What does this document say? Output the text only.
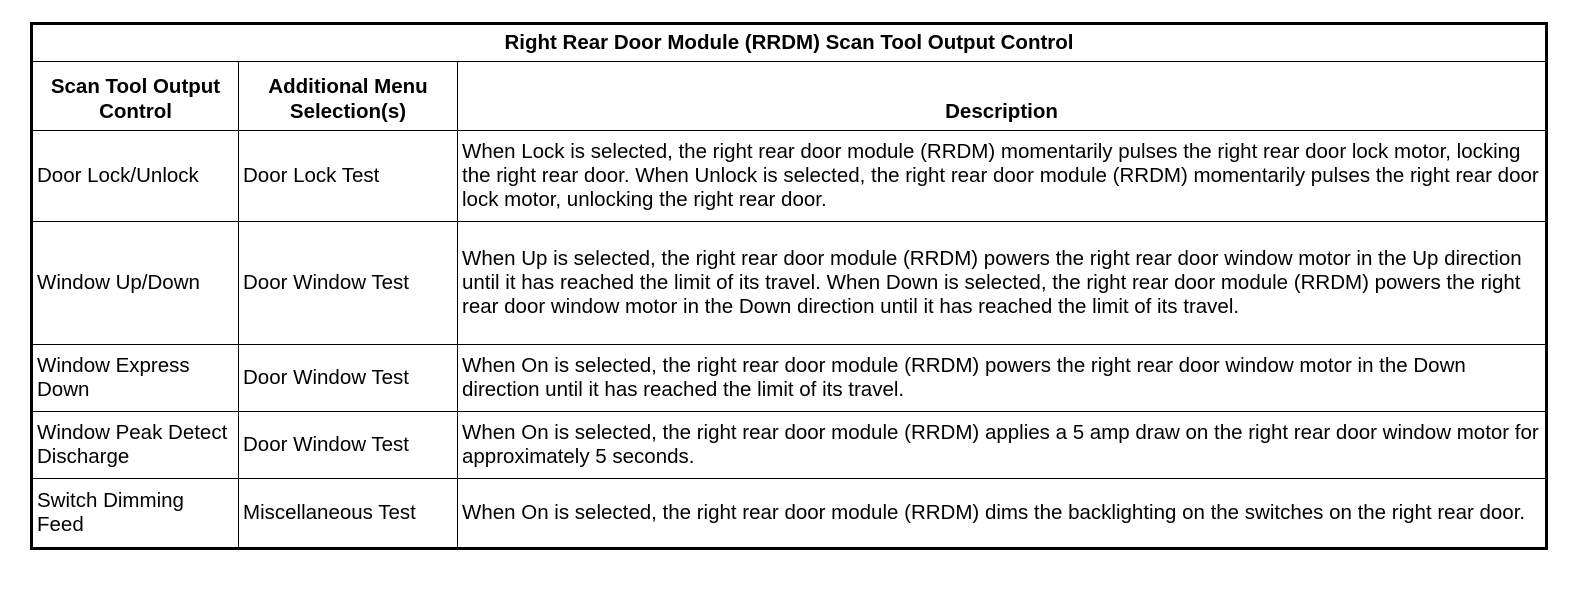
Right Rear Door Module (RRDM) Scan Tool Output Control		
Scan Tool Output Control	Additional Menu Selection(s)	Description
Door Lock/Unlock	Door Lock Test	When Lock is selected, the right rear door module (RRDM) momentarily pulses the right rear door lock motor, locking the right rear door. When Unlock is selected, the right rear door module (RRDM) momentarily pulses the right rear door lock motor, unlocking the right rear door.
Window Up/Down	Door Window Test	When Up is selected, the right rear door module (RRDM) powers the right rear door window motor in the Up direction until it has reached the limit of its travel. When Down is selected, the right rear door module (RRDM) powers the right rear door window motor in the Down direction until it has reached the limit of its travel.
Window Express Down	Door Window Test	When On is selected, the right rear door module (RRDM) powers the right rear door window motor in the Down direction until it has reached the limit of its travel.
Window Peak Detect Discharge	Door Window Test	When On is selected, the right rear door module (RRDM) applies a 5 amp draw on the right rear door window motor for approximately 5 seconds.
Switch Dimming Feed	Miscellaneous Test	When On is selected, the right rear door module (RRDM) dims the backlighting on the switches on the right rear door.
